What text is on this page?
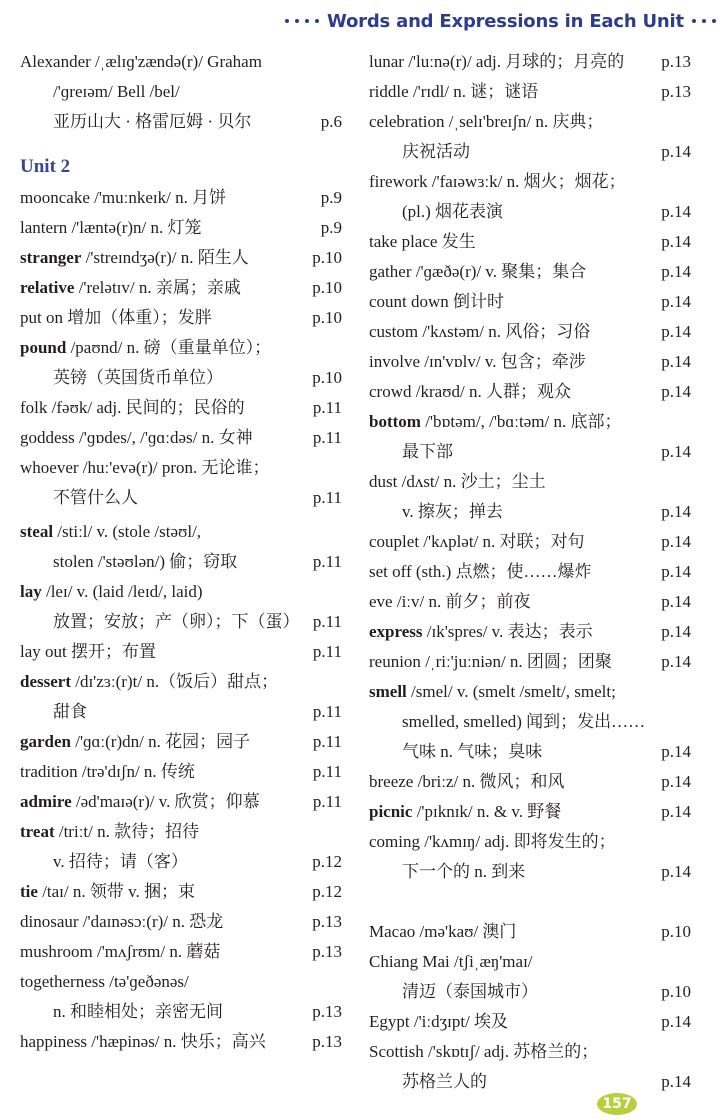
Words and Expressions in Each Unit
Alexander /ˌælɪɡ'zændə(r)/ Graham
/'ɡreɪəm/ Bell /bel/
亚历山大 · 格雷厄姆 · 贝尔	p.6
Unit 2
mooncake /'muːnkeɪk/ n. 月饼	p.9
lantern /'læntə(r)n/ n. 灯笼	p.9
stranger /'streɪndʒə(r)/ n. 陌生人	p.10
relative /'relətɪv/ n. 亲属；亲戚	p.10
put on 增加（体重）；发胖	p.10
pound /paʊnd/ n. 磅（重量单位）；
英镑（英国货币单位）	p.10
folk /fəʊk/ adj. 民间的；民俗的	p.11
goddess /'ɡɒdes/, /'ɡɑːdəs/ n. 女神	p.11
whoever /huː'evə(r)/ pron. 无论谁；
不管什么人	p.11
steal /stiːl/ v. (stole /stəʊl/,
stolen /'stəʊlən/) 偷；窃取	p.11
lay /leɪ/ v. (laid /leɪd/, laid)
放置；安放；产（卵）；下（蛋） p.11
lay out 摆开；布置	p.11
dessert /dɪ'zɜː(r)t/ n.（饭后）甜点；
甜食	p.11
garden /'ɡɑː(r)dn/ n. 花园；园子	p.11
tradition /trə'dɪʃn/ n. 传统	p.11
admire /əd'maɪə(r)/ v. 欣赏；仰慕	p.11
treat /triːt/ n. 款待；招待
v. 招待；请（客）	p.12
tie /taɪ/ n. 领带 v. 捆；束	p.12
dinosaur /'daɪnəsɔː(r)/ n. 恐龙	p.13
mushroom /'mʌʃrʊm/ n. 蘑菇	p.13
togetherness /tə'ɡeðənəs/
n. 和睦相处；亲密无间	p.13
happiness /'hæpinəs/ n. 快乐；高兴	p.13
lunar /'luːnə(r)/ adj. 月球的；月亮的 p.13
riddle /'rɪdl/ n. 谜；谜语	p.13
celebration /ˌselɪ'breɪʃn/ n. 庆典；
庆祝活动	p.14
firework /'faɪəwɜːk/ n. 烟火；烟花；
(pl.) 烟花表演	p.14
take place 发生	p.14
gather /'ɡæðə(r)/ v. 聚集；集合	p.14
count down 倒计时	p.14
custom /'kʌstəm/ n. 风俗；习俗	p.14
involve /ɪn'vɒlv/ v. 包含；牵涉	p.14
crowd /kraʊd/ n. 人群；观众	p.14
bottom /'bɒtəm/, /'bɑːtəm/ n. 底部；
最下部	p.14
dust /dʌst/ n. 沙土；尘土
v. 擦灰；掸去	p.14
couplet /'kʌplət/ n. 对联；对句	p.14
set off (sth.) 点燃；使……爆炸	p.14
eve /iːv/ n. 前夕；前夜	p.14
express /ɪk'spres/ v. 表达；表示	p.14
reunion /ˌriː'juːniən/ n. 团圆；团聚	p.14
smell /smel/ v. (smelt /smelt/, smelt;
smelled, smelled) 闻到；发出……
气味 n. 气味；臭味	p.14
breeze /briːz/ n. 微风；和风	p.14
picnic /'pɪknɪk/ n. & v. 野餐	p.14
coming /'kʌmɪŋ/ adj. 即将发生的；
下一个的 n. 到来	p.14
Macao /mə'kaʊ/ 澳门	p.10
Chiang Mai /tʃiˌæŋ'maɪ/
清迈（泰国城市）	p.10
Egypt /'iːdʒɪpt/ 埃及	p.14
Scottish /'skɒtɪʃ/ adj. 苏格兰的；
苏格兰人的	p.14
157
